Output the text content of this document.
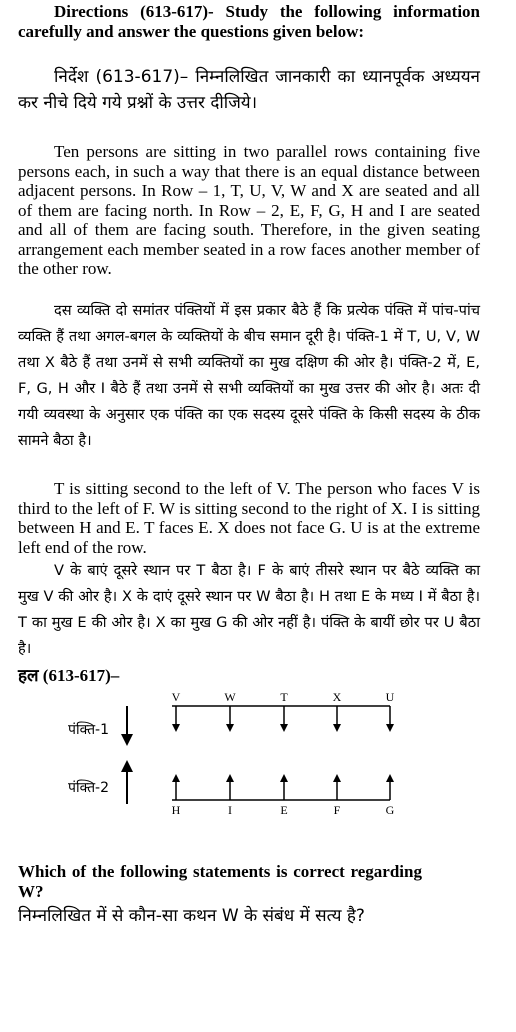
Directions (613-617)- Study the following information carefully and answer the questions given below:

निर्देश (613-617)– निम्नलिखित जानकारी का ध्यानपूर्वक अध्ययन कर नीचे दिये गये प्रश्नों के उत्तर दीजिये।

Ten persons are sitting in two parallel rows containing five persons each, in such a way that there is an equal distance between adjacent persons. In Row – 1, T, U, V, W and X are seated and all of them are facing north. In Row – 2, E, F, G, H and I are seated and all of them are facing south. Therefore, in the given seating arrangement each member seated in a row faces another member of the other row.

दस व्यक्ति दो समांतर पंक्तियों में इस प्रकार बैठे हैं कि प्रत्येक पंक्ति में पांच-पांच व्यक्ति हैं तथा अगल-बगल के व्यक्तियों के बीच समान दूरी है। पंक्ति-1 में T, U, V, W तथा X बैठे हैं तथा उनमें से सभी व्यक्तियों का मुख दक्षिण की ओर है। पंक्ति-2 में, E, F, G, H और I बैठे हैं तथा उनमें से सभी व्यक्तियों का मुख उत्तर की ओर है। अतः दी गयी व्यवस्था के अनुसार एक पंक्ति का एक सदस्य दूसरे पंक्ति के किसी सदस्य के ठीक सामने बैठा है।

T is sitting second to the left of V. The person who faces V is third to the left of F. W is sitting second to the right of X. I is sitting between H and E. T faces E. X does not face G. U is at the extreme left end of the row.

V के बाएं दूसरे स्थान पर T बैठा है। F के बाएं तीसरे स्थान पर बैठे व्यक्ति का मुख V की ओर है। X के दाएं दूसरे स्थान पर W बैठा है। H तथा E के मध्य I में बैठा है। T का मुख E की ओर है। X का मुख G की ओर नहीं है। पंक्ति के बायीं छोर पर U बैठा है।

हल (613-617)–

पंक्ति-1
पंक्ति-2
V	W	T	X	U
H	I	E	F	G

Which of the following statements is correct regarding W?

निम्नलिखित में से कौन-सा कथन W के संबंध में सत्य है?
